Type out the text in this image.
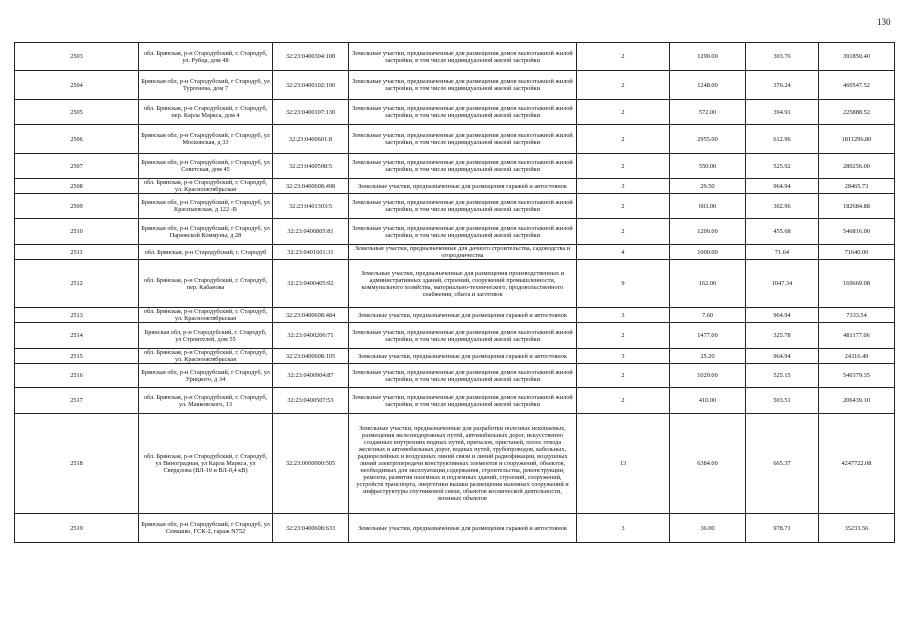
130
2503	обл. Брянская, р-н Стародубский, г. Стародуб, ул. Рубца, дом 48	32:23:0400304:108	Земельные участки, предназначенные для размещения домов малоэтажной жилой застройки, в том числе индивидуальной жилой застройки	2	1290.00	303.76	391850.40
2504	Брянская обл, р-н Стародубский, г Стародуб, ул Тургенева, дом 7	32:23:0400102:100	Земельные участки, предназначенные для размещения домов малоэтажной жилой застройки, в том числе индивидуальной жилой застройки	2	1248.00	376.24	469547.52
2505	обл. Брянская, р-н Стародубский, г. Стародуб, пер. Карла Маркса, дом 4	32:23:0400107:130	Земельные участки, предназначенные для размещения домов малоэтажной жилой застройки, в том числе индивидуальной жилой застройки	2	572.00	394.91	225888.52
2506	Брянская обл, р-н Стародубский, г Стародуб, ул Московская, д 33	32:23:0400601:8	Земельные участки, предназначенные для размещения домов малоэтажной жилой застройки, в том числе индивидуальной жилой застройки	2	2955.00	612.96	1811296.80
2507	Брянская обл, р-н Стародубский, г Стародуб, ул Советская, дом 45	32:23:0400508:5	Земельные участки, предназначенные для размещения домов малоэтажной жилой застройки, в том числе индивидуальной жилой застройки	2	550.00	525.92	289256.00
2508	обл. Брянская, р-н Стародубский, г. Стародуб, ул. Краснооктябрьская	32:23:0400608:498	Земельные участки, предназначенные для размещения гаражей и автостоянок	3	29.50	964.94	28465.73
2509	Брянская обл, р-н Стародубский, г Стародуб, ул Красныевская, д 122 -В	32:23:0401303:5	Земельные участки, предназначенные для размещения домов малоэтажной жилой застройки, в том числе индивидуальной жилой застройки	2	603.00	302.96	182684.88
2510	Брянская обл, р-н Стародубский, г Стародуб, ул Парижской Коммуны, д 28	32:23:0400805:81	Земельные участки, предназначенные для размещения домов малоэтажной жилой застройки, в том числе индивидуальной жилой застройки	2	1200.00	455.68	546816.00
2511	обл. Брянская, р-н Стародубский, г. Стародуб	32:23:0401601:31	Земельные участки, предназначенные для дачного строительства, садоводства и огородничества	4	1000.00	71.64	71640.00
2512	обл. Брянская, р-н Стародубский, г. Стародуб, пер. Кабанова	32:23:0400405:92	Земельные участки, предназначенные для размещения производственных и административных зданий, строений, сооружений промышленности, коммунального хозяйства, материально-технического, продовольственного снабжения, сбыта и заготовок	9	162.00	1047.34	169669.08
2513	обл. Брянская, р-н Стародубский, г. Стародуб, ул. Краснооктябрьская	32:23:0400608:484	Земельные участки, предназначенные для размещения гаражей и автостоянок	3	7.60	964.94	7333.54
2514	Брянская обл, р-н Стародубский, г. Стародуб, ул Строителей, дом 55	32:23:0400206:71	Земельные участки, предназначенные для размещения домов малоэтажной жилой застройки, в том числе индивидуальной жилой застройки	2	1477.00	325.78	481177.06
2515	обл. Брянская, р-н Стародубский, г. Стародуб, ул. Краснооктябрьская	32:23:0400608:105	Земельные участки, предназначенные для размещения гаражей и автостоянок	3	25.20	964.94	24316.49
2516	Брянская обл, р-н Стародубский, г Стародуб, ул Урицкого, д 34	32:23:0400904:87	Земельные участки, предназначенные для размещения домов малоэтажной жилой застройки, в том числе индивидуальной жилой застройки	2	1029.00	525.15	540379.35
2517	обл. Брянская, р-н Стародубский, г. Стародуб, ул. Маяковского, 13	32:23:0400507:53	Земельные участки, предназначенные для размещения домов малоэтажной жилой застройки, в том числе индивидуальной жилой застройки	2	410.00	503.51	206439.10
2518	обл. Брянская, р-н Стародубский, г. Стародуб, ул Виноградная, ул Карла Маркса, ул Свердлова (ВЛ-10 и ВЛ-0,4 кВ)	32:23:0000000:505	Земельные участки, предназначенные для разработки полезных ископаемых, размещения железнодорожных путей, автомобильных дорог, искусственно созданных внутренних водных путей, причалов, пристаней, полос отвода железных и автомобильных дорог, водных путей, трубопроводов, кабельных, радиорелейных и воздушных линий связи и линий радиофикации, воздушных линий электропередачи конструктивных элементов и сооружений, объектов, необходимых для эксплуатации,содержания, строительства, реконструкции, ремонта, развития наземных и подземных зданий, строений, сооружений, устройств транспорта, энергетики вышки размещения наземных сооружений и инфраструктуры спутниковой связи, объектов космической деятельности, военных объектов	13	6384.00	665.37	4247722.08
2519	Брянская обл, р-н Стародубский, г Стародуб, ул Семашко, ГСК-2, гараж N752	32:23:0400608:633	Земельные участки, предназначенные для размещения гаражей и автостоянок	3	36.00	978.71	35233.56
